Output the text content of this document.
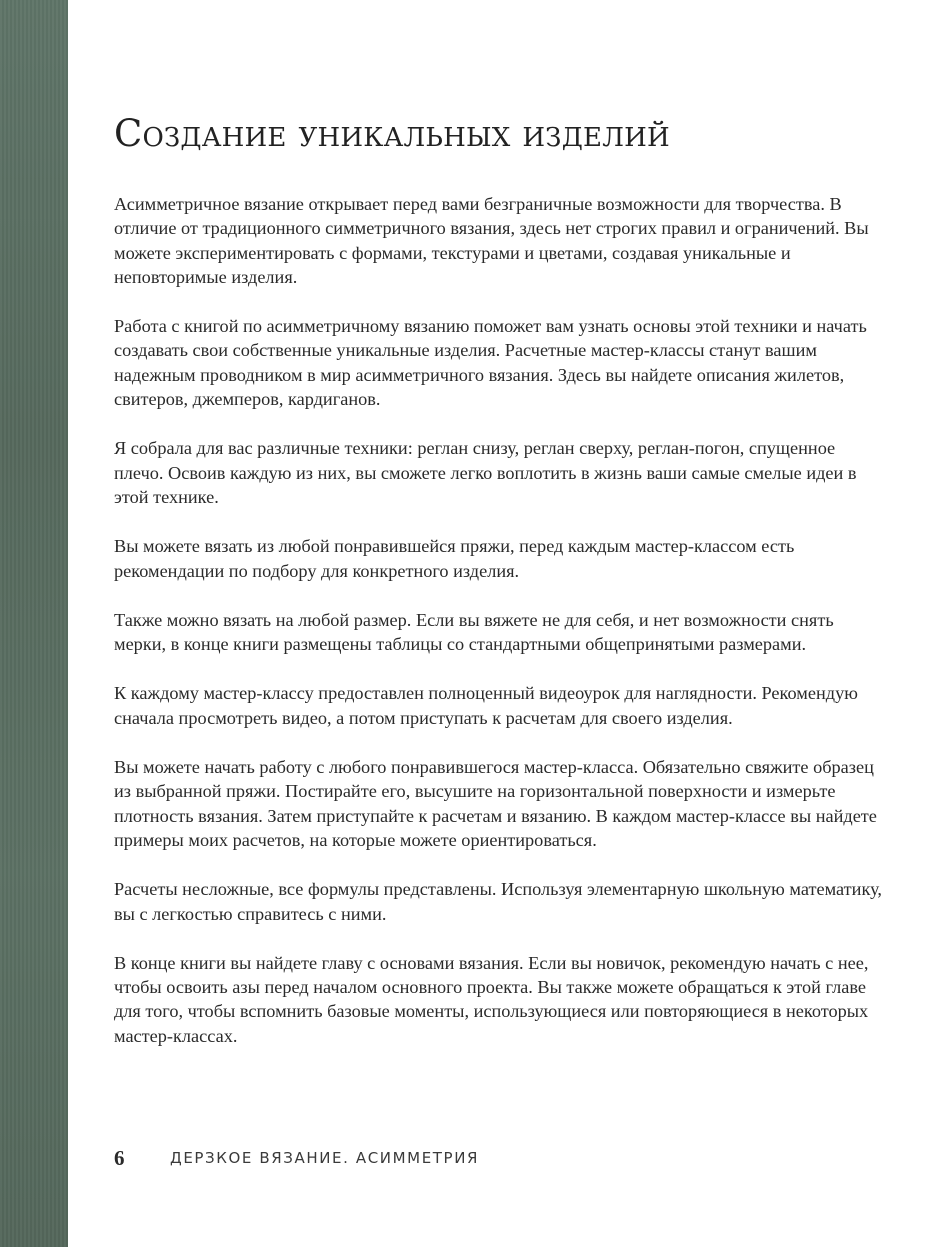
Создание уникальных изделий

Асимметричное вязание открывает перед вами безграничные возможности для творчества. В отличие от традиционного симметричного вязания, здесь нет строгих правил и ограничений. Вы можете экспериментировать с формами, текстурами и цветами, создавая уникальные и неповторимые изделия.

Работа с книгой по асимметричному вязанию поможет вам узнать основы этой техники и начать создавать свои собственные уникальные изделия. Расчетные мастер-классы станут вашим надежным проводником в мир асимметричного вязания. Здесь вы найдете описания жилетов, свитеров, джемперов, кардиганов.

Я собрала для вас различные техники: реглан снизу, реглан сверху, реглан-погон, спущенное плечо. Освоив каждую из них, вы сможете легко воплотить в жизнь ваши самые смелые идеи в этой технике.

Вы можете вязать из любой понравившейся пряжи, перед каждым мастер-классом есть рекомендации по подбору для конкретного изделия.

Также можно вязать на любой размер. Если вы вяжете не для себя, и нет возможности снять мерки, в конце книги размещены таблицы со стандартными общепринятыми размерами.

К каждому мастер-классу предоставлен полноценный видеоурок для наглядности. Рекомендую сначала просмотреть видео, а потом приступать к расчетам для своего изделия.

Вы можете начать работу с любого понравившегося мастер-класса. Обязательно свяжите образец из выбранной пряжи. Постирайте его, высушите на горизонтальной поверхности и измерьте плотность вязания. Затем приступайте к расчетам и вязанию. В каждом мастер-классе вы найдете примеры моих расчетов, на которые можете ориентироваться.

Расчеты несложные, все формулы представлены. Используя элементарную школьную математику, вы с легкостью справитесь с ними.

В конце книги вы найдете главу с основами вязания. Если вы новичок, рекомендую начать с нее, чтобы освоить азы перед началом основного проекта. Вы также можете обращаться к этой главе для того, чтобы вспомнить базовые моменты, использующиеся или повторяющиеся в некоторых мастер-классах.

6	ДЕРЗКОЕ ВЯЗАНИЕ. АСИММЕТРИЯ
